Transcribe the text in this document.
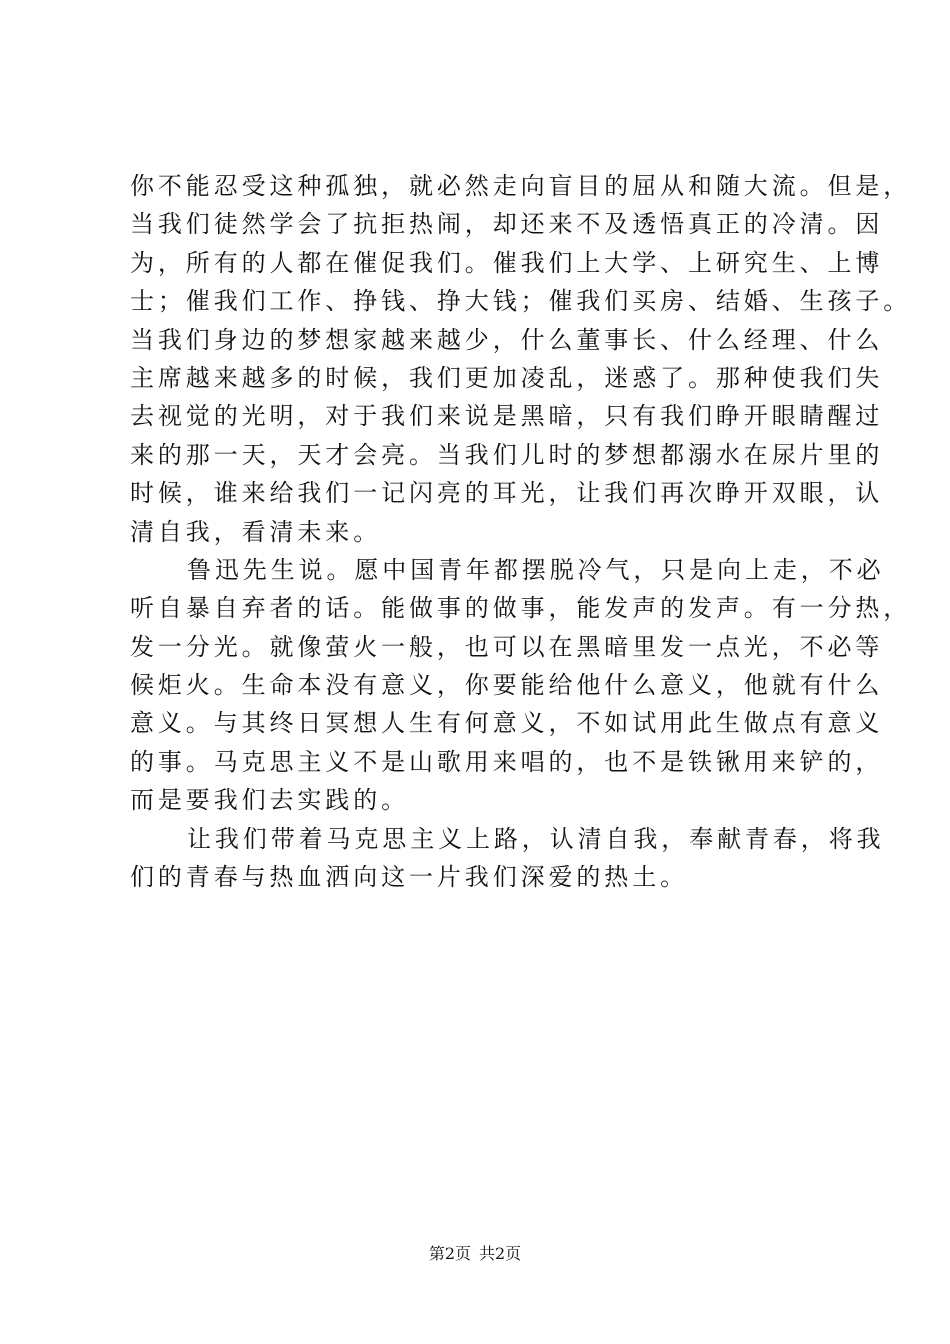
你不能忍受这种孤独，就必然走向盲目的屈从和随大流。但是，
当我们徒然学会了抗拒热闹，却还来不及透悟真正的冷清。因
为，所有的人都在催促我们。催我们上大学、上研究生、上博
士；催我们工作、挣钱、挣大钱；催我们买房、结婚、生孩子。
当我们身边的梦想家越来越少，什么董事长、什么经理、什么
主席越来越多的时候，我们更加凌乱，迷惑了。那种使我们失
去视觉的光明，对于我们来说是黑暗，只有我们睁开眼睛醒过
来的那一天，天才会亮。当我们儿时的梦想都溺水在尿片里的
时候，谁来给我们一记闪亮的耳光，让我们再次睁开双眼，认
清自我，看清未来。
鲁迅先生说。愿中国青年都摆脱冷气，只是向上走，不必
听自暴自弃者的话。能做事的做事，能发声的发声。有一分热，
发一分光。就像萤火一般，也可以在黑暗里发一点光，不必等
候炬火。生命本没有意义，你要能给他什么意义，他就有什么
意义。与其终日冥想人生有何意义，不如试用此生做点有意义
的事。马克思主义不是山歌用来唱的，也不是铁锹用来铲的，
而是要我们去实践的。
让我们带着马克思主义上路，认清自我，奉献青春，将我
们的青春与热血洒向这一片我们深爱的热土。
第2页 共2页
